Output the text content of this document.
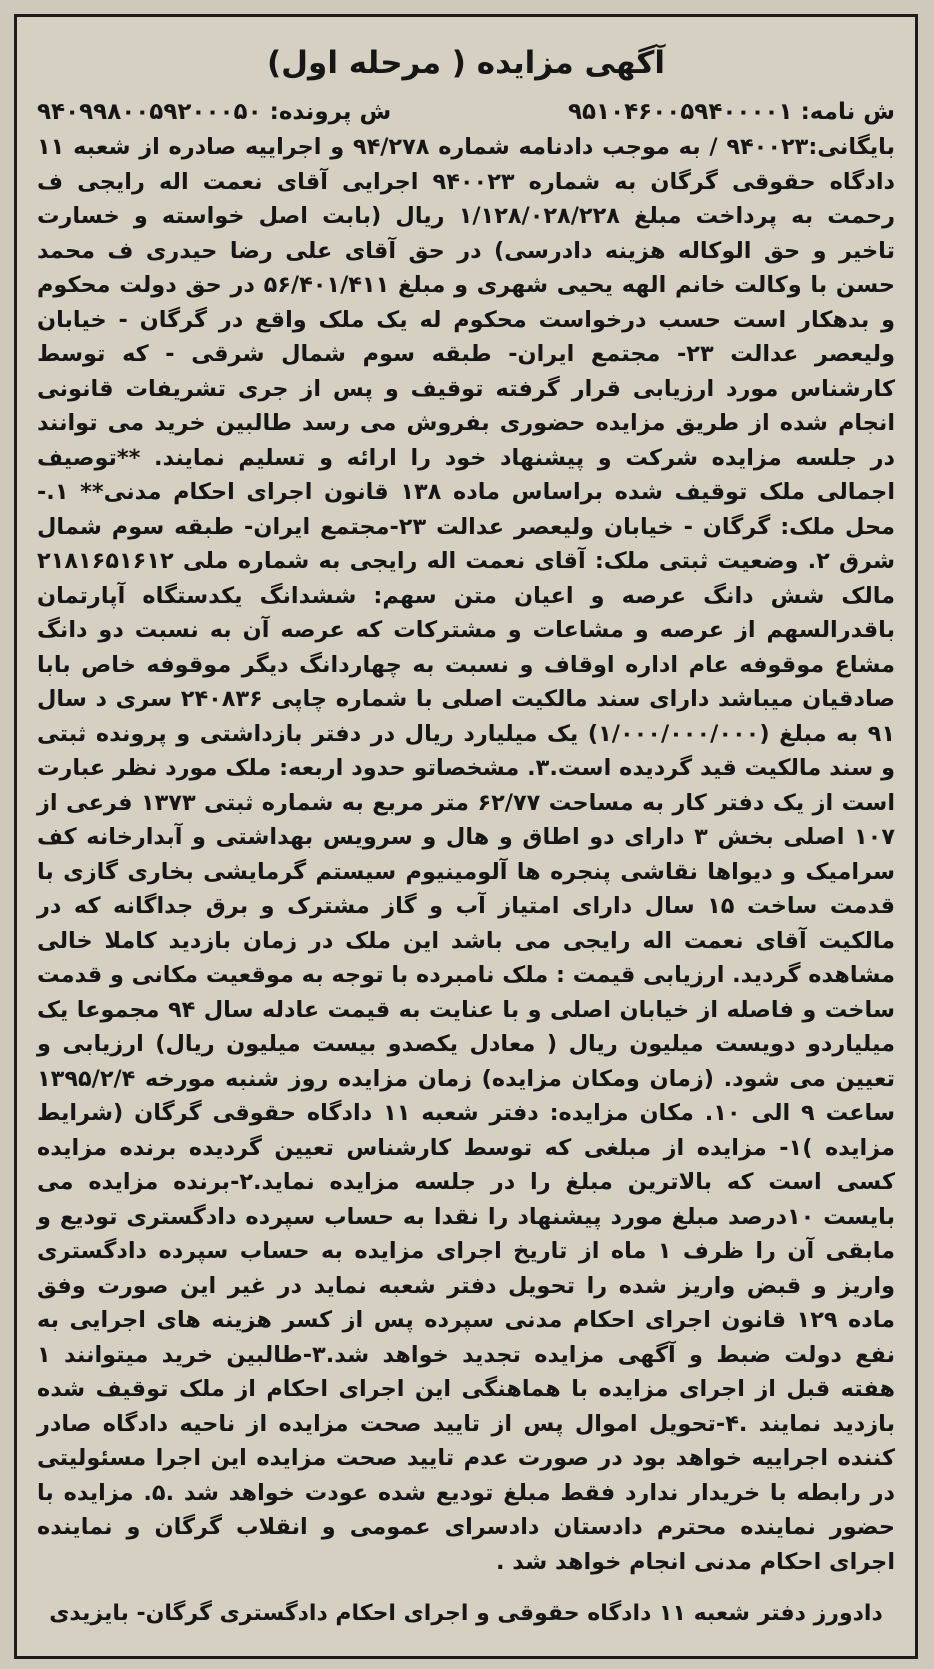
آگهی مزایده ( مرحله اول)
ش نامه: ۹۵۱۰۴۶۰۰۵۹۴۰۰۰۰۱
ش پرونده: ۹۴۰۹۹۸۰۰۵۹۲۰۰۰۵۰

بایگانی:۹۴۰۰۲۳ / به موجب دادنامه شماره ۹۴/۲۷۸ و اجراییه صادره از شعبه ۱۱ دادگاه حقوقی گرگان به شماره ۹۴۰۰۲۳ اجرایی آقای نعمت اله رایجی ف رحمت به پرداخت مبلغ ۱/۱۲۸/۰۲۸/۲۲۸ ریال (بابت اصل خواسته و خسارت تاخیر و حق الوکاله هزینه دادرسی) در حق آقای علی رضا حیدری ف محمد حسن با وکالت خانم الهه یحیی شهری و مبلغ ۵۶/۴۰۱/۴۱۱ در حق دولت محکوم و بدهکار است حسب درخواست محکوم له یک ملک واقع در گرگان - خیابان ولیعصر عدالت ۲۳- مجتمع ایران- طبقه سوم شمال شرقی - که توسط کارشناس مورد ارزیابی قرار گرفته توقیف و پس از جری تشریفات قانونی انجام شده از طریق مزایده حضوری بفروش می رسد طالبین خرید می توانند در جلسه مزایده شرکت و پیشنهاد خود را ارائه و تسلیم نمایند. **توصیف اجمالی ملک توقیف شده براساس ماده ۱۳۸ قانون اجرای احکام مدنی** ۱.-محل ملک: گرگان - خیابان ولیعصر عدالت ۲۳-مجتمع ایران- طبقه سوم شمال شرق ۲. وضعیت ثبتی ملک: آقای نعمت اله رایجی به شماره ملی ۲۱۸۱۶۵۱۶۱۲ مالک شش دانگ عرصه و اعیان متن سهم: ششدانگ یکدستگاه آپارتمان باقدرالسهم از عرصه و مشاعات و مشترکات که عرصه آن به نسبت دو دانگ مشاع موقوفه عام اداره اوقاف و نسبت به چهاردانگ دیگر موقوفه خاص بابا صادقیان میباشد دارای سند مالکیت اصلی با شماره چاپی ۲۴۰۸۳۶ سری د سال ۹۱ به مبلغ (۱/۰۰۰/۰۰۰/۰۰۰) یک میلیارد ریال در دفتر بازداشتی و پرونده ثبتی و سند مالکیت قید گردیده است.۳. مشخصاتو حدود اربعه: ملک مورد نظر عبارت است از یک دفتر کار به مساحت ۶۲/۷۷ متر مربع به شماره ثبتی ۱۳۷۳ فرعی از ۱۰۷ اصلی بخش ۳ دارای دو اطاق و هال و سرویس بهداشتی و آبدارخانه کف سرامیک و دیواها نقاشی پنجره ها آلومینیوم سیستم گرمایشی بخاری گازی با قدمت ساخت ۱۵ سال دارای امتیاز آب و گاز مشترک و برق جداگانه که در مالکیت آقای نعمت اله رایجی می باشد این ملک در زمان بازدید کاملا خالی مشاهده گردید. ارزیابی قیمت : ملک نامبرده با توجه به موقعیت مکانی و قدمت ساخت و فاصله از خیابان اصلی و با عنایت به قیمت عادله سال ۹۴ مجموعا یک میلیاردو دویست میلیون ریال ( معادل یکصدو بیست میلیون ریال) ارزیابی و تعیین می شود. (زمان ومکان مزایده) زمان مزایده روز شنبه مورخه ۱۳۹۵/۲/۴ ساعت ۹ الی ۱۰. مکان مزایده: دفتر شعبه ۱۱ دادگاه حقوقی گرگان (شرایط مزایده )۱- مزایده از مبلغی که توسط کارشناس تعیین گردیده برنده مزایده کسی است که بالاترین مبلغ را در جلسه مزایده نماید.۲-برنده مزایده می بایست ۱۰درصد مبلغ مورد پیشنهاد را نقدا به حساب سپرده دادگستری تودیع و مابقی آن را ظرف ۱ ماه از تاریخ اجرای مزایده به حساب سپرده دادگستری واریز و قبض واریز شده را تحویل دفتر شعبه نماید در غیر این صورت وفق ماده ۱۲۹ قانون اجرای احکام مدنی سپرده پس از کسر هزینه های اجرایی به نفع دولت ضبط و آگهی مزایده تجدید خواهد شد.۳-طالبین خرید میتوانند ۱ هفته قبل از اجرای مزایده با هماهنگی این اجرای احکام از ملک توقیف شده بازدید نمایند .۴-تحویل اموال پس از تایید صحت مزایده از ناحیه دادگاه صادر کننده اجراییه خواهد بود در صورت عدم تایید صحت مزایده این اجرا مسئولیتی در رابطه با خریدار ندارد فقط مبلغ تودیع شده عودت خواهد شد .۵. مزایده با حضور نماینده محترم دادستان دادسرای عمومی و انقلاب گرگان و نماینده اجرای احکام مدنی انجام خواهد شد .

دادورز دفتر شعبه ۱۱ دادگاه حقوقی و اجرای احکام دادگستری گرگان- بایزیدی
